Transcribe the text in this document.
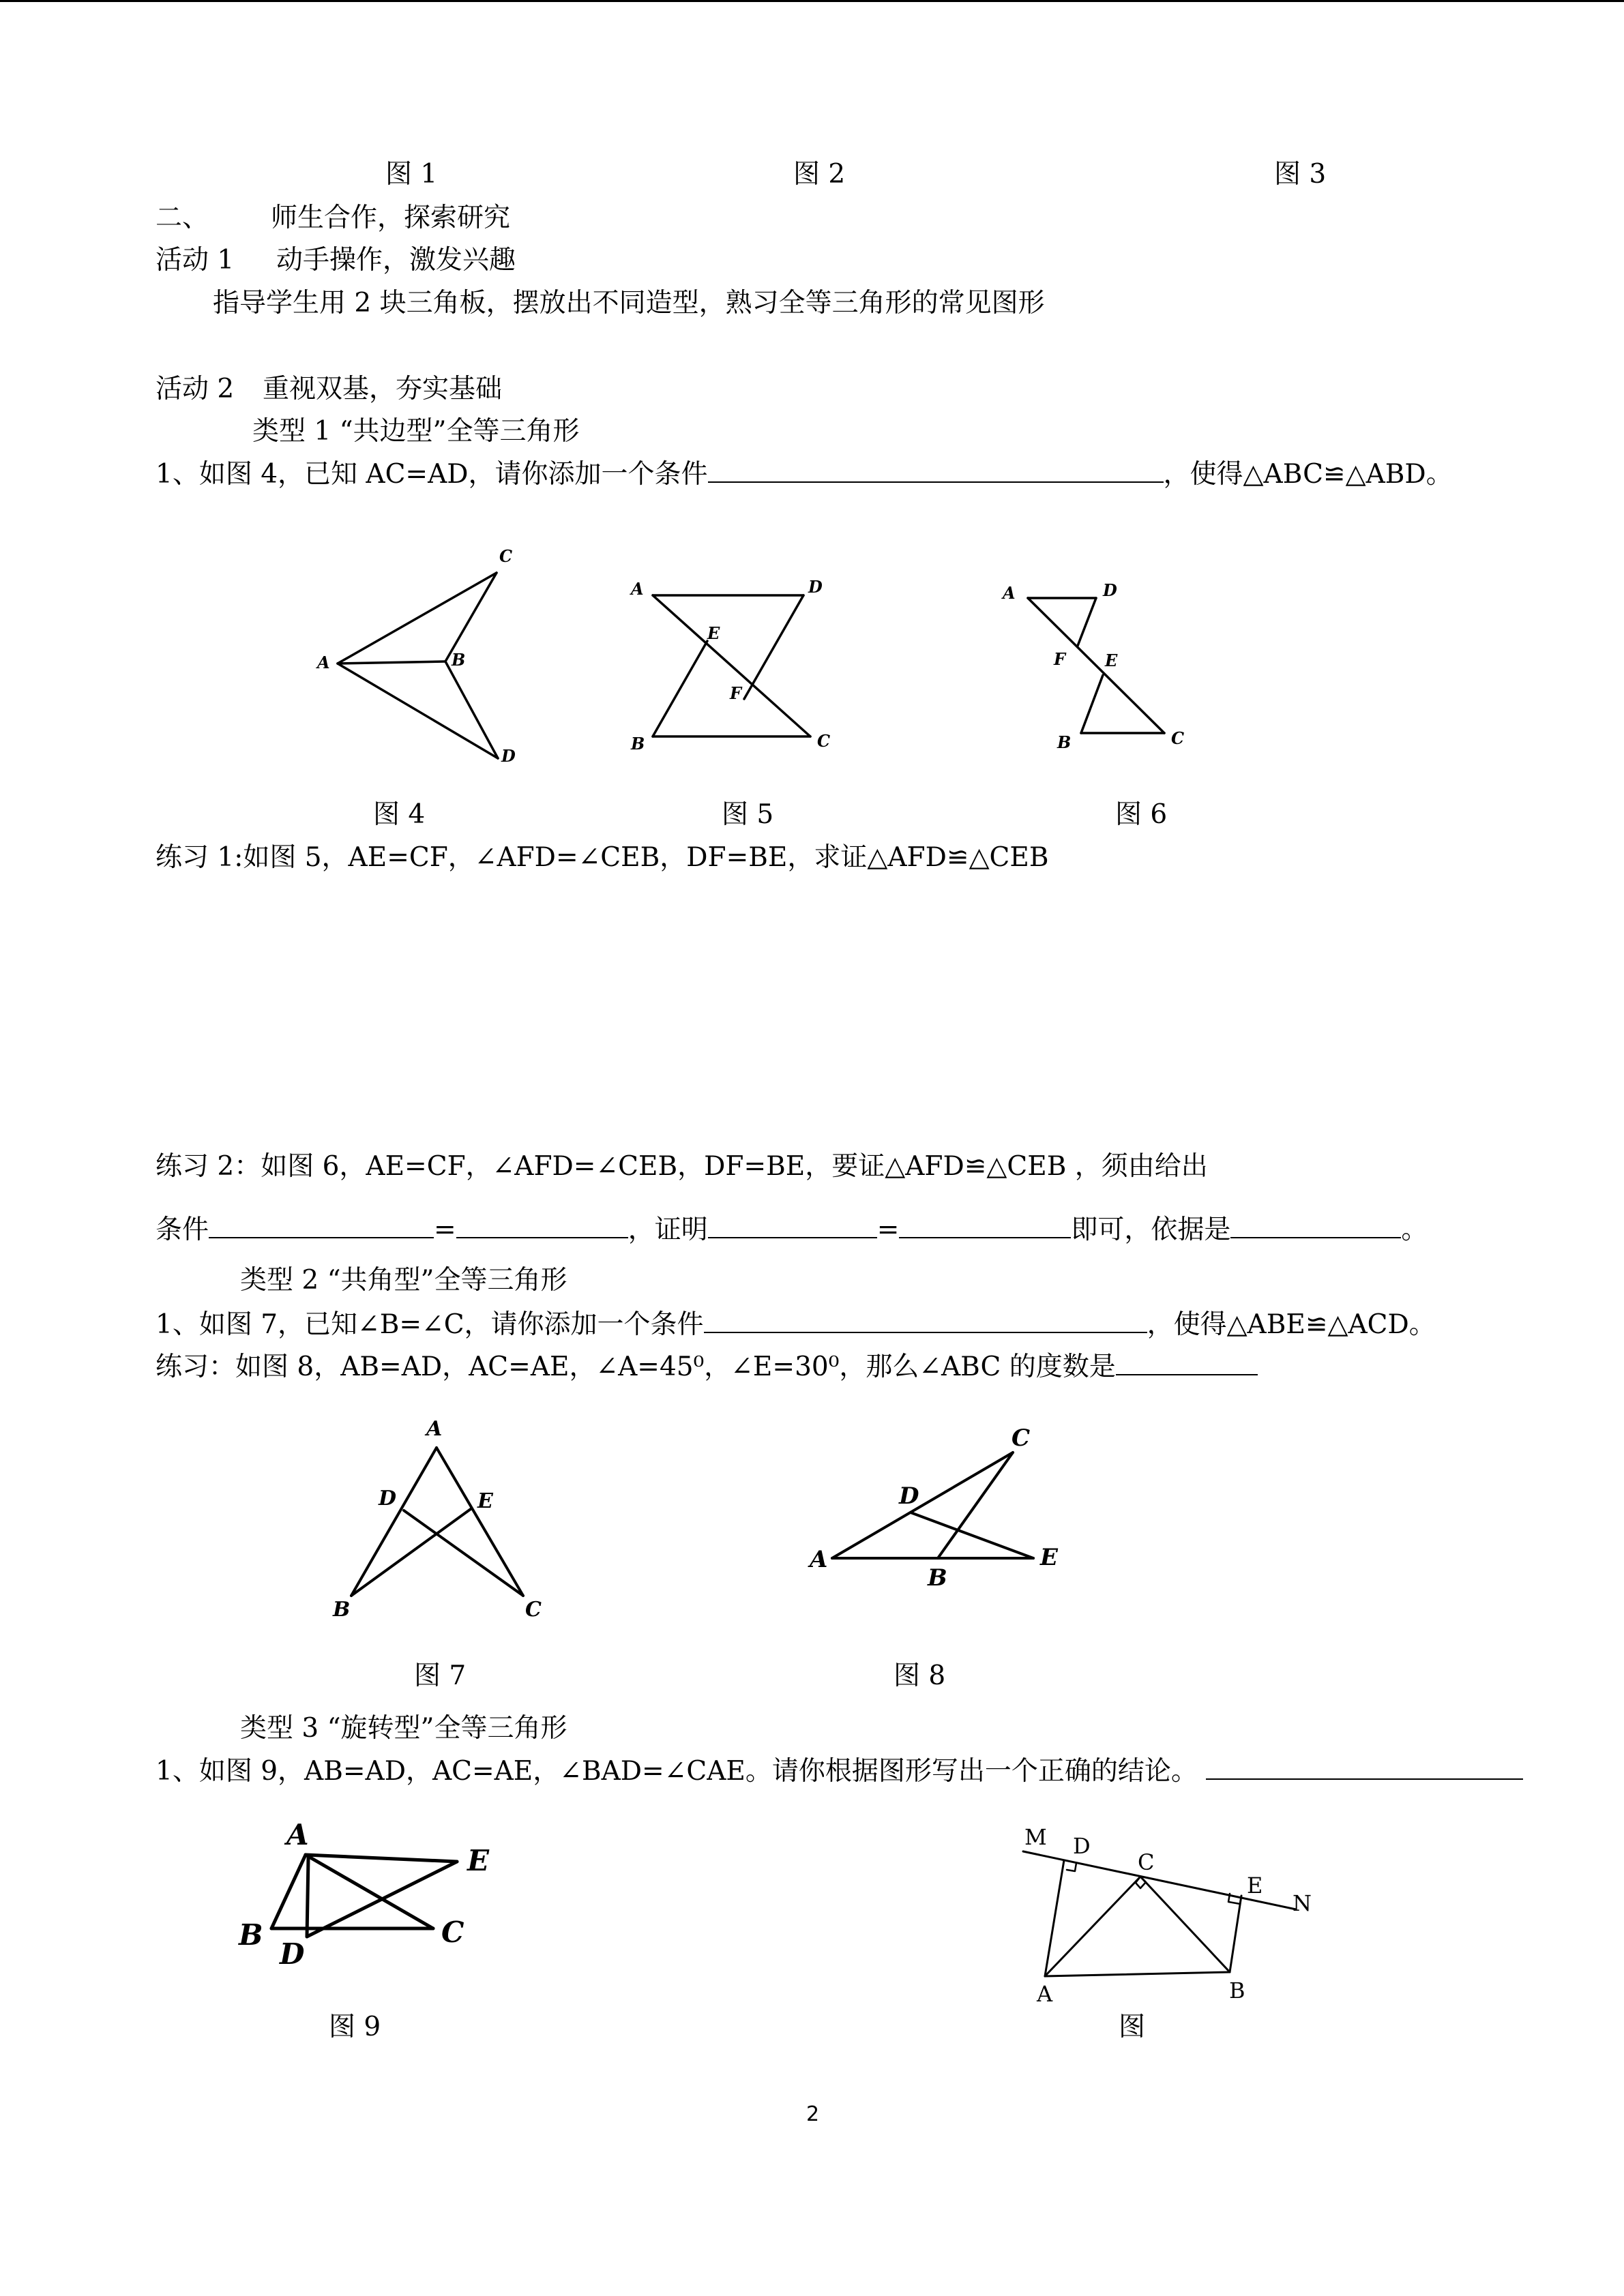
图 1	图 2	图 3
二、 师生合作，探索研究
活动 1 动手操作，激发兴趣
指导学生用 2 块三角板，摆放出不同造型，熟习全等三角形的常见图形
活动 2 重视双基，夯实基础
类型 1 “共边型”全等三角形
1、如图 4，已知 AC=AD，请你添加一个条件	，使得△ABC≌△ABD。
C
A	B
D
图 4
A	D
E
F
B	C
图 5
A	D
F E
B	C
图 6
练习 1:如图 5，AE=CF，∠AFD=∠CEB，DF=BE，求证△AFD≌△CEB
练习 2：如图 6，AE=CF，∠AFD=∠CEB，DF=BE，要证△AFD≌△CEB ，须由给出
条件	=	，证明	=	即可，依据是	。
类型 2 “共角型”全等三角形
1、如图 7，已知∠B=∠C，请你添加一个条件	，使得△ABE≌△ACD。
练习：如图 8，AB=AD，AC=AE，∠A=45⁰，∠E=30⁰，那么∠ABC 的度数是
A
D	E
B	C
图 7
C
D
A
B
E
图 8
类型 3 “旋转型”全等三角形
1、如图 9，AB=AD，AC=AE，∠BAD=∠CAE。请你根据图形写出一个正确的结论。
A
E
B
D
C
图 9
M D
C
E
N
A	B
图
2
